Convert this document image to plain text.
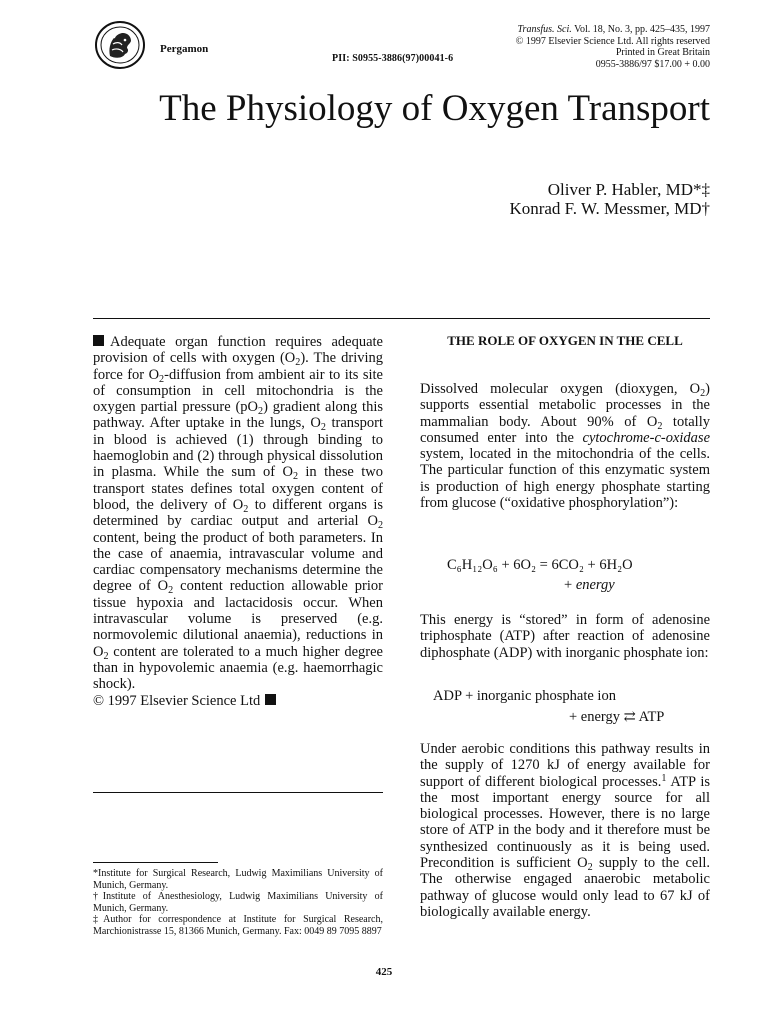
Pergamon
PII: S0955-3886(97)00041-6
Transfus. Sci. Vol. 18, No. 3, pp. 425–435, 1997
© 1997 Elsevier Science Ltd. All rights reserved
Printed in Great Britain
0955-3886/97 $17.00 + 0.00
The Physiology of Oxygen Transport
Oliver P. Habler, MD*‡
Konrad F. W. Messmer, MD†

Adequate organ function requires adequate provision of cells with oxygen $(O_2)$. The driving force for $O_2$-diffusion from ambient air to its site of consumption in cell mitochondria is the oxygen partial pressure $(pO_2)$ gradient along this pathway. After uptake in the lungs, $O_2$ transport in blood is achieved (1) through binding to haemoglobin and (2) through physical dissolution in plasma. While the sum of $O_2$ in these two transport states defines total oxygen content of blood, the delivery of $O_2$ to different organs is determined by cardiac output and arterial $O_2$ content, being the product of both parameters. In the case of anaemia, intravascular volume and cardiac compensatory mechanisms determine the degree of $O_2$ content reduction allowable prior tissue hypoxia and lactacidosis occur. When intravascular volume is preserved (e.g. normovolemic dilutional anaemia), reductions in $O_2$ content are tolerated to a much higher degree than in hypovolemic anaemia (e.g. haemorrhagic shock).
© 1997 Elsevier Science Ltd

*Institute for Surgical Research, Ludwig Maximilians University of Munich, Germany.

†Institute of Anesthesiology, Ludwig Maximilians University of Munich, Germany.

‡Author for correspondence at Institute for Surgical Research, Marchionistrasse 15, 81366 Munich, Germany. Fax: 0049 89 7095 8897

THE ROLE OF OXYGEN IN THE CELL

Dissolved molecular oxygen (dioxygen, $O_2$) supports essential metabolic processes in the mammalian body. About 90% of $O_2$ totally consumed enter into the cytochrome-c-oxidase system, located in the mitochondria of the cells. The particular function of this enzymatic system is production of high energy phosphate starting from glucose (“oxidative phosphorylation”):

C₆H₁₂O₆ + 6O₂ = 6CO₂ + 6H₂O
+ energy

This energy is “stored” in form of adenosine triphosphate (ATP) after reaction of adenosine diphosphate (ADP) with inorganic phosphate ion:

ADP + inorganic phosphate ion
+ energy ⇄ ATP

Under aerobic conditions this pathway results in the supply of 1270 kJ of energy available for support of different biological processes.$^1$ ATP is the most important energy source for all biological processes. However, there is no large store of ATP in the body and it therefore must be synthesized continuously as it is being used. Precondition is sufficient $O_2$ supply to the cell. The otherwise engaged anaerobic metabolic pathway of glucose would only lead to 67 kJ of biologically available energy.

425
